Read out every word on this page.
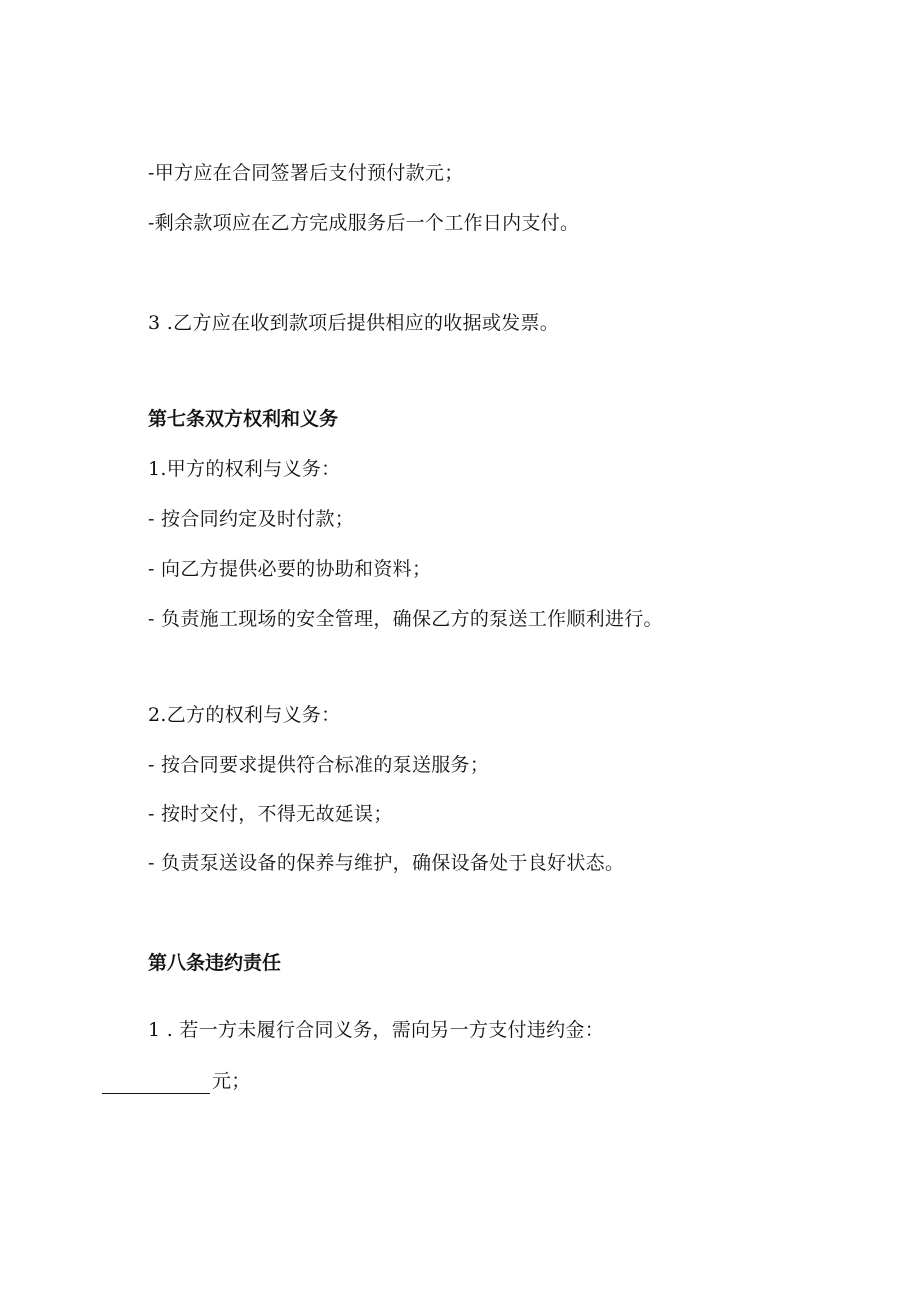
-甲方应在合同签署后支付预付款元；
-剩余款项应在乙方完成服务后一个工作日内支付。
3 .乙方应在收到款项后提供相应的收据或发票。
第七条双方权利和义务
1.甲方的权利与义务：
- 按合同约定及时付款；
- 向乙方提供必要的协助和资料；
- 负责施工现场的安全管理，确保乙方的泵送工作顺利进行。
2.乙方的权利与义务：
- 按合同要求提供符合标准的泵送服务；
- 按时交付，不得无故延误；
- 负责泵送设备的保养与维护，确保设备处于良好状态。
第八条违约责任
1 . 若一方未履行合同义务，需向另一方支付违约金：
元；
